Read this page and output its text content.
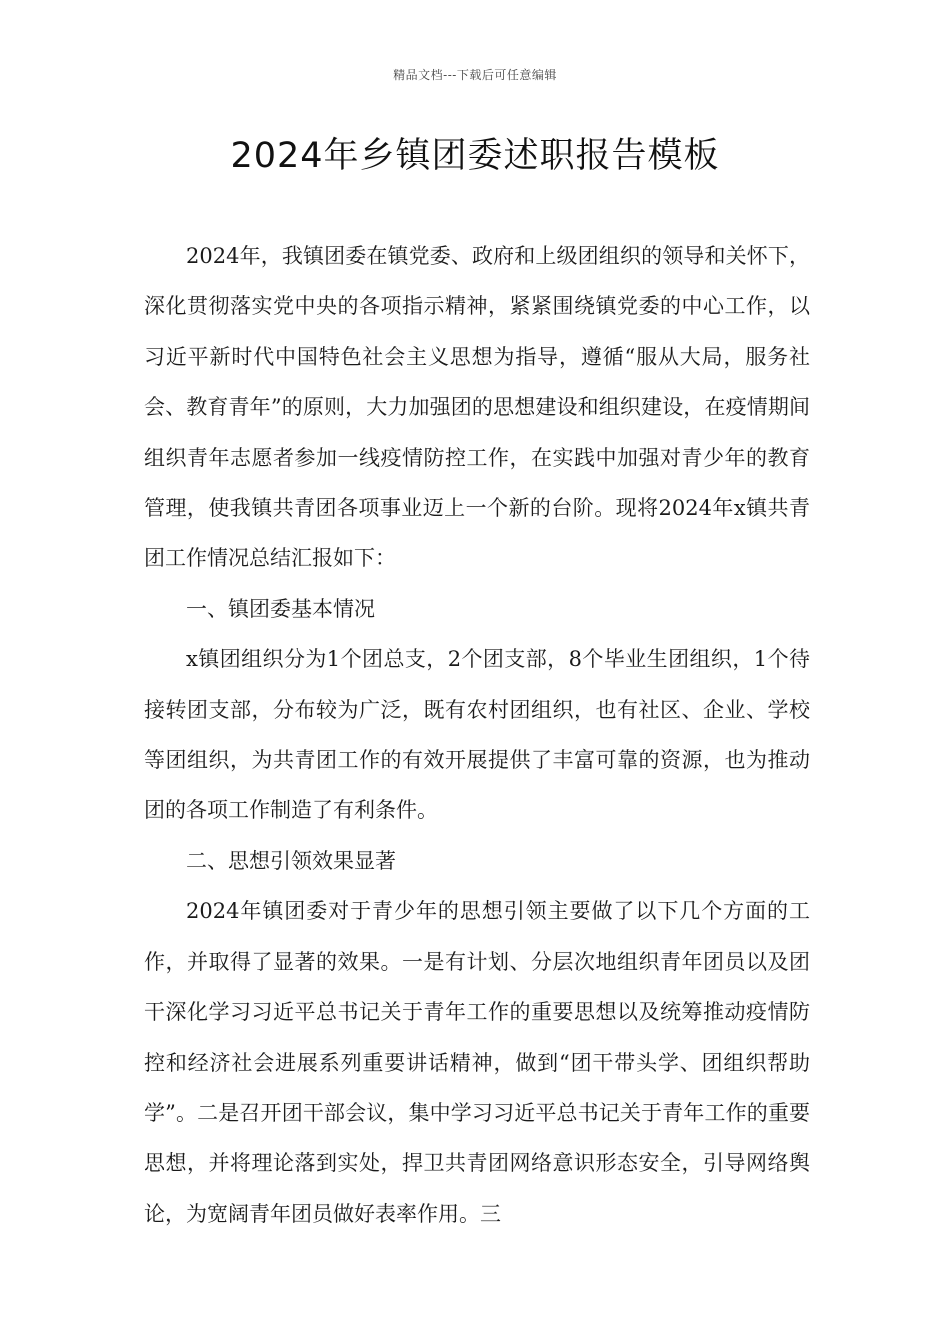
精品文档---下载后可任意编辑
2024年乡镇团委述职报告模板

2024年，我镇团委在镇党委、政府和上级团组织的领导和关怀下，深化贯彻落实党中央的各项指示精神，紧紧围绕镇党委的中心工作，以习近平新时代中国特色社会主义思想为指导，遵循“服从大局，服务社会、教育青年”的原则，大力加强团的思想建设和组织建设，在疫情期间组织青年志愿者参加一线疫情防控工作，在实践中加强对青少年的教育管理，使我镇共青团各项事业迈上一个新的台阶。现将2024年x镇共青团工作情况总结汇报如下：

一、镇团委基本情况

x镇团组织分为1个团总支，2个团支部，8个毕业生团组织，1个待接转团支部，分布较为广泛，既有农村团组织，也有社区、企业、学校等团组织，为共青团工作的有效开展提供了丰富可靠的资源，也为推动团的各项工作制造了有利条件。

二、思想引领效果显著

2024年镇团委对于青少年的思想引领主要做了以下几个方面的工作，并取得了显著的效果。一是有计划、分层次地组织青年团员以及团干深化学习习近平总书记关于青年工作的重要思想以及统筹推动疫情防控和经济社会进展系列重要讲话精神，做到“团干带头学、团组织帮助学”。二是召开团干部会议，集中学习习近平总书记关于青年工作的重要思想，并将理论落到实处，捍卫共青团网络意识形态安全，引导网络舆论，为宽阔青年团员做好表率作用。三
